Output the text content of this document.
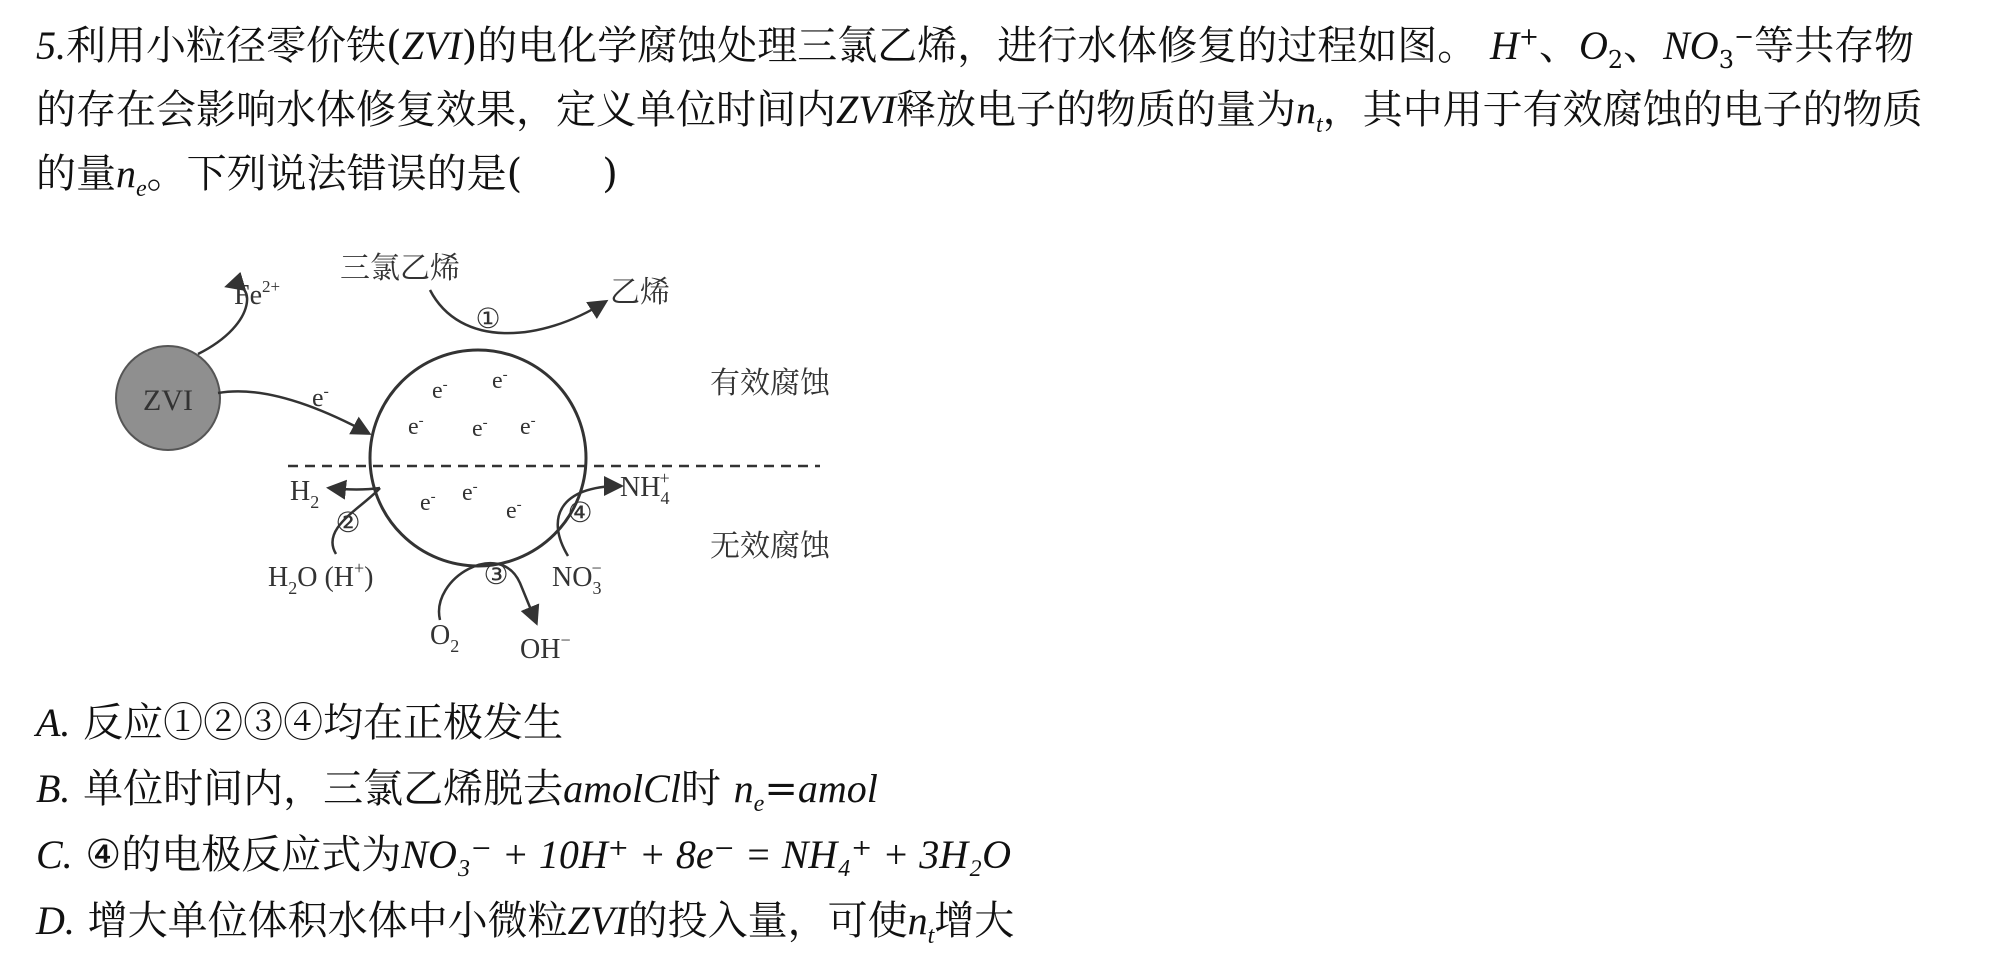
5.利用小粒径零价铁(ZVI)的电化学腐蚀处理三氯乙烯，进行水体修复的过程如图。 H+、$O_2$、$NO_3^-$等共存物
的存在会影响水体修复效果，定义单位时间内ZVI释放电子的物质的量为$n_t$，其中用于有效腐蚀的电子的物质
的量$n_e$。下列说法错误的是( )
ZVI	e-
$Fe^{2+}$
e- e-
e- e- e-
e- e-
e-
三氯乙烯
①
乙烯
有效腐蚀
无效腐蚀
$H_2$
②
$H_2O$ (H+)	③
$O_2$ OH−
④
$NH_4+$
$NO_3-$
A. 反应①②③④均在正极发生
B. 单位时间内，三氯乙烯脱去amolCl时 $n_e=amol$
C. ④的电极反应式为NO₃⁻ + 10H⁺ + 8e⁻ = NH₄⁺ + 3H₂O
D. 增大单位体积水体中小微粒ZVI的投入量，可使$n_t$增大
